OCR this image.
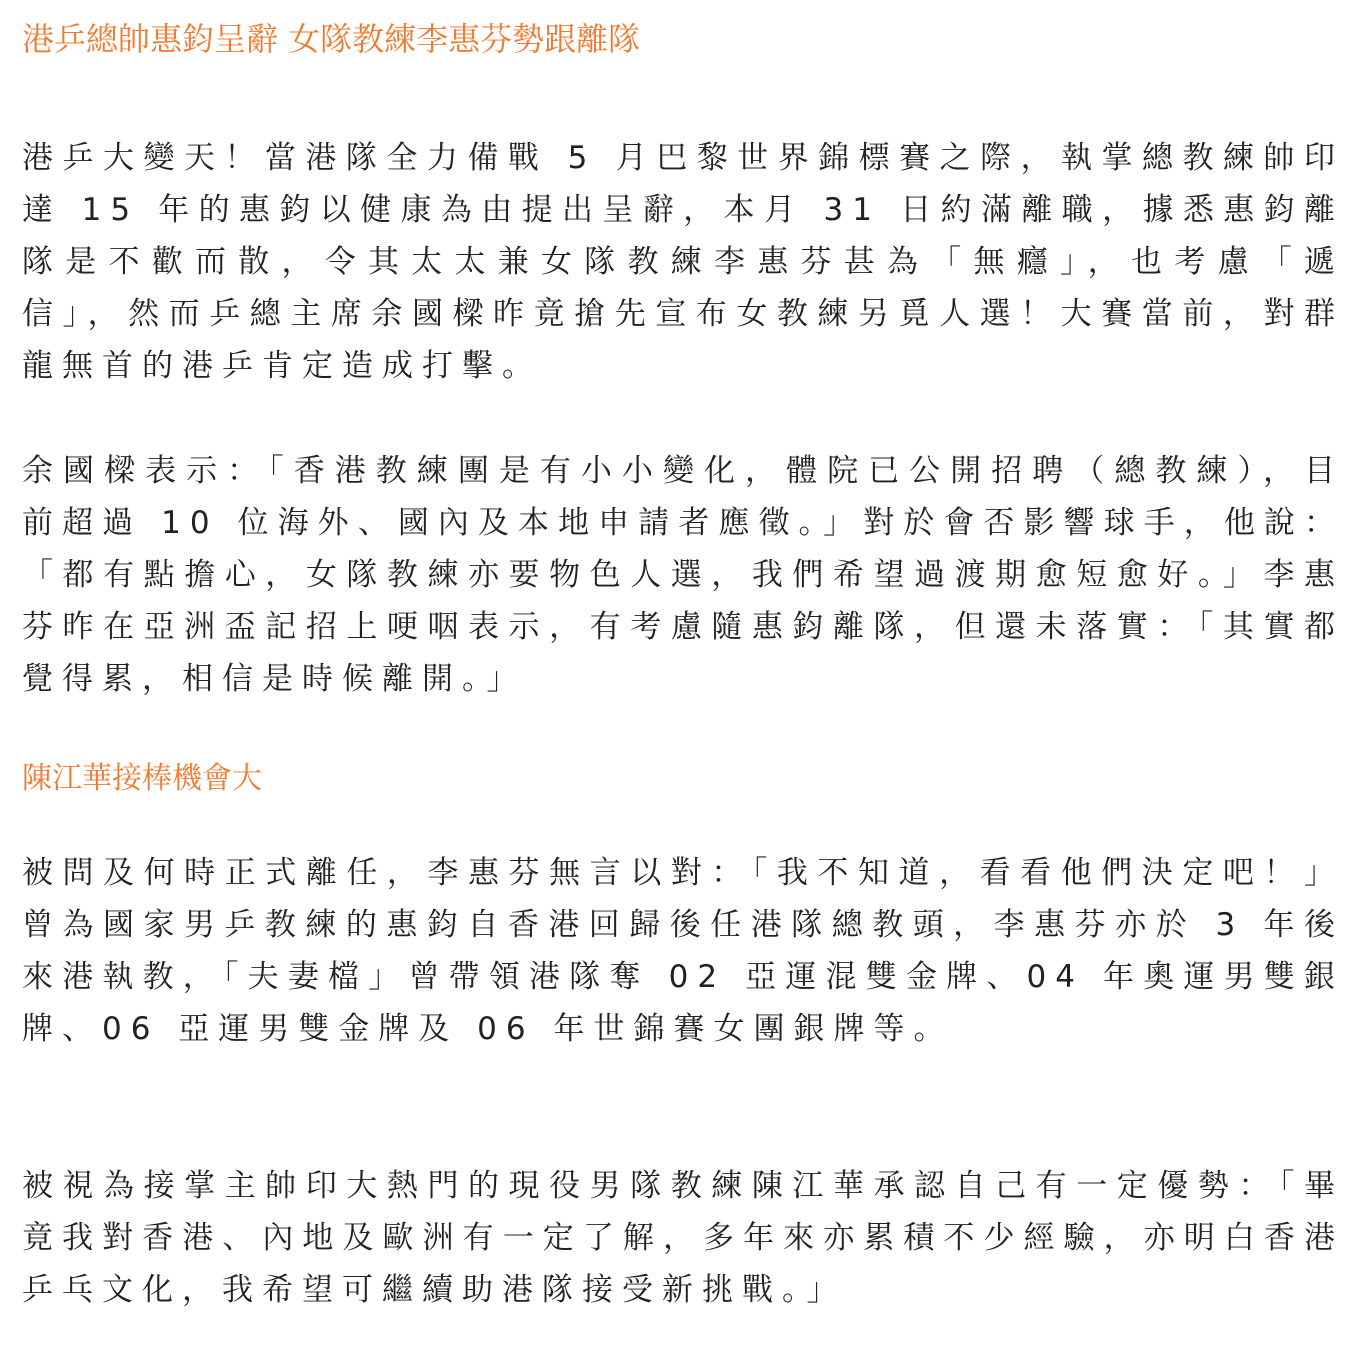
港乒總帥惠鈞呈辭 女隊教練李惠芬勢跟離隊
港乒大變天！當港隊全力備戰 5 月巴黎世界錦標賽之際，執掌總教練帥印達 15 年的惠鈞以健康為由提出呈辭，本月 31 日約滿離職，據悉惠鈞離隊是不歡而散，令其太太兼女隊教練李惠芬甚為「無癮」，也考慮「遞信」，然而乒總主席余國樑昨竟搶先宣布女教練另覓人選！大賽當前，對群龍無首的港乒肯定造成打擊。
余國樑表示：「香港教練團是有小小變化，體院已公開招聘（總教練），目前超過 10 位海外、國內及本地申請者應徵。」對於會否影響球手，他說：「都有點擔心，女隊教練亦要物色人選，我們希望過渡期愈短愈好。」李惠芬昨在亞洲盃記招上哽咽表示，有考慮隨惠鈞離隊，但還未落實：「其實都覺得累，相信是時候離開。」
陳江華接棒機會大
被問及何時正式離任，李惠芬無言以對：「我不知道，看看他們決定吧！」曾為國家男乒教練的惠鈞自香港回歸後任港隊總教頭，李惠芬亦於 3 年後來港執教，「夫妻檔」曾帶領港隊奪 02 亞運混雙金牌、04 年奧運男雙銀牌、06 亞運男雙金牌及 06 年世錦賽女團銀牌等。
被視為接掌主帥印大熱門的現役男隊教練陳江華承認自己有一定優勢：「畢竟我對香港、內地及歐洲有一定了解，多年來亦累積不少經驗，亦明白香港乒乓文化，我希望可繼續助港隊接受新挑戰。」
